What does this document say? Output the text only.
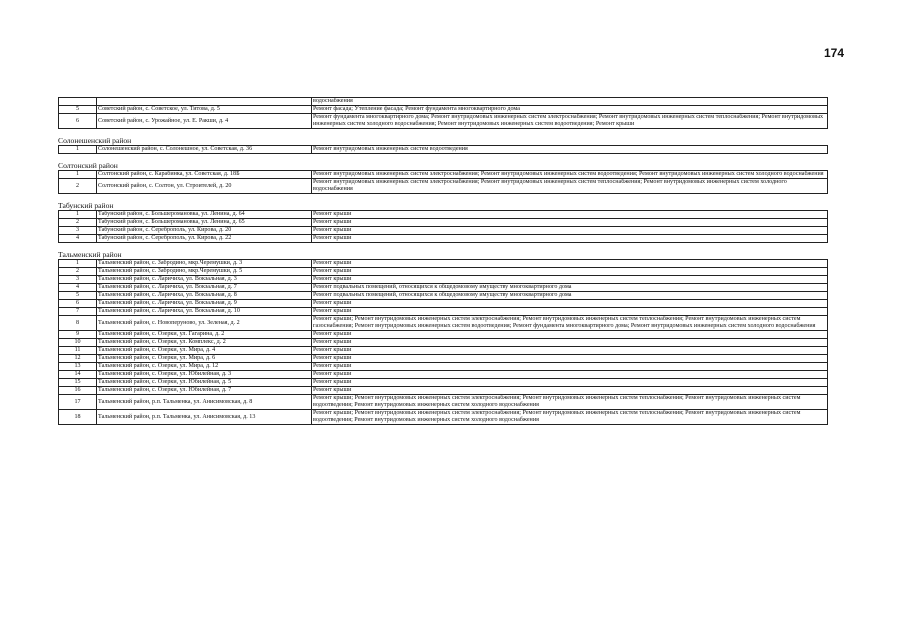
174
		водоснабжения
5	Советский район, с. Советское, ул. Титова, д. 5	Ремонт фасада; Утепление фасада; Ремонт фундамента многоквартирного дома
6	Советский район, с. Урожайное, ул. Е. Ракши, д. 4	Ремонт фундамента многоквартирного дома; Ремонт внутридомовых инженерных систем электроснабжения; Ремонт внутридомовых инженерных систем теплоснабжения; Ремонт внутридомовых инженерных систем холодного водоснабжения; Ремонт внутридомовых инженерных систем водоотведения; Ремонт крыши
Солонешенский район
1	Солонешенский район, с. Солонешное, ул. Советская, д. 36	Ремонт внутридомовых инженерных систем водоотведения
Солтонский район
1	Солтонский район, с. Карабинка, ул. Советская, д. 18Б	Ремонт внутридомовых инженерных систем электроснабжения; Ремонт внутридомовых инженерных систем водоотведения; Ремонт внутридомовых инженерных систем холодного водоснабжения
2	Солтонский район, с. Солтон, ул. Строителей, д. 20	Ремонт внутридомовых инженерных систем электроснабжения; Ремонт внутридомовых инженерных систем теплоснабжения; Ремонт внутридомовых инженерных систем холодного водоснабжения
Табунский район
1	Табунский район, с. Большеромановка, ул. Ленина, д. 64	Ремонт крыши
2	Табунский район, с. Большеромановка, ул. Ленина, д. 65	Ремонт крыши
3	Табунский район, с. Сереброполь, ул. Кирова, д. 20	Ремонт крыши
4	Табунский район, с. Сереброполь, ул. Кирова, д. 22	Ремонт крыши
Тальменский район
1	Тальменский район, с. Забродино, мкр.Черемушки, д. 3	Ремонт крыши
2	Тальменский район, с. Забродино, мкр.Черемушки, д. 5	Ремонт крыши
3	Тальменский район, с. Ларичиха, ул. Вокзальная, д. 3	Ремонт крыши
4	Тальменский район, с. Ларичиха, ул. Вокзальная, д. 7	Ремонт подвальных помещений, относящихся к общедомовому имуществу многоквартирного дома
5	Тальменский район, с. Ларичиха, ул. Вокзальная, д. 8	Ремонт подвальных помещений, относящихся к общедомовому имуществу многоквартирного дома
6	Тальменский район, с. Ларичиха, ул. Вокзальная, д. 9	Ремонт крыши
7	Тальменский район, с. Ларичиха, ул. Вокзальная, д. 10	Ремонт крыши
8	Тальменский район, с. Новоперуново, ул. Зеленая, д. 2	Ремонт крыши; Ремонт внутридомовых инженерных систем электроснабжения; Ремонт внутридомовых инженерных систем теплоснабжения; Ремонт внутридомовых инженерных систем газоснабжения; Ремонт внутридомовых инженерных систем водоотведения; Ремонт фундамента многоквартирного дома; Ремонт внутридомовых инженерных систем холодного водоснабжения
9	Тальменский район, с. Озерки, ул. Гагарина, д. 2	Ремонт крыши
10	Тальменский район, с. Озерки, ул. Комплекс, д. 2	Ремонт крыши
11	Тальменский район, с. Озерки, ул. Мира, д. 4	Ремонт крыши
12	Тальменский район, с. Озерки, ул. Мира, д. 6	Ремонт крыши
13	Тальменский район, с. Озерки, ул. Мира, д. 12	Ремонт крыши
14	Тальменский район, с. Озерки, ул. Юбилейная, д. 3	Ремонт крыши
15	Тальменский район, с. Озерки, ул. Юбилейная, д. 5	Ремонт крыши
16	Тальменский район, с. Озерки, ул. Юбилейная, д. 7	Ремонт крыши
17	Тальменский район, р.п. Тальменка, ул. Анисимовская, д. 8	Ремонт крыши; Ремонт внутридомовых инженерных систем электроснабжения; Ремонт внутридомовых инженерных систем теплоснабжения; Ремонт внутридомовых инженерных систем водоотведения; Ремонт внутридомовых инженерных систем холодного водоснабжения
18	Тальменский район, р.п. Тальменка, ул. Анисимовская, д. 13	Ремонт крыши; Ремонт внутридомовых инженерных систем электроснабжения; Ремонт внутридомовых инженерных систем теплоснабжения; Ремонт внутридомовых инженерных систем водоотведения; Ремонт внутридомовых инженерных систем холодного водоснабжения
